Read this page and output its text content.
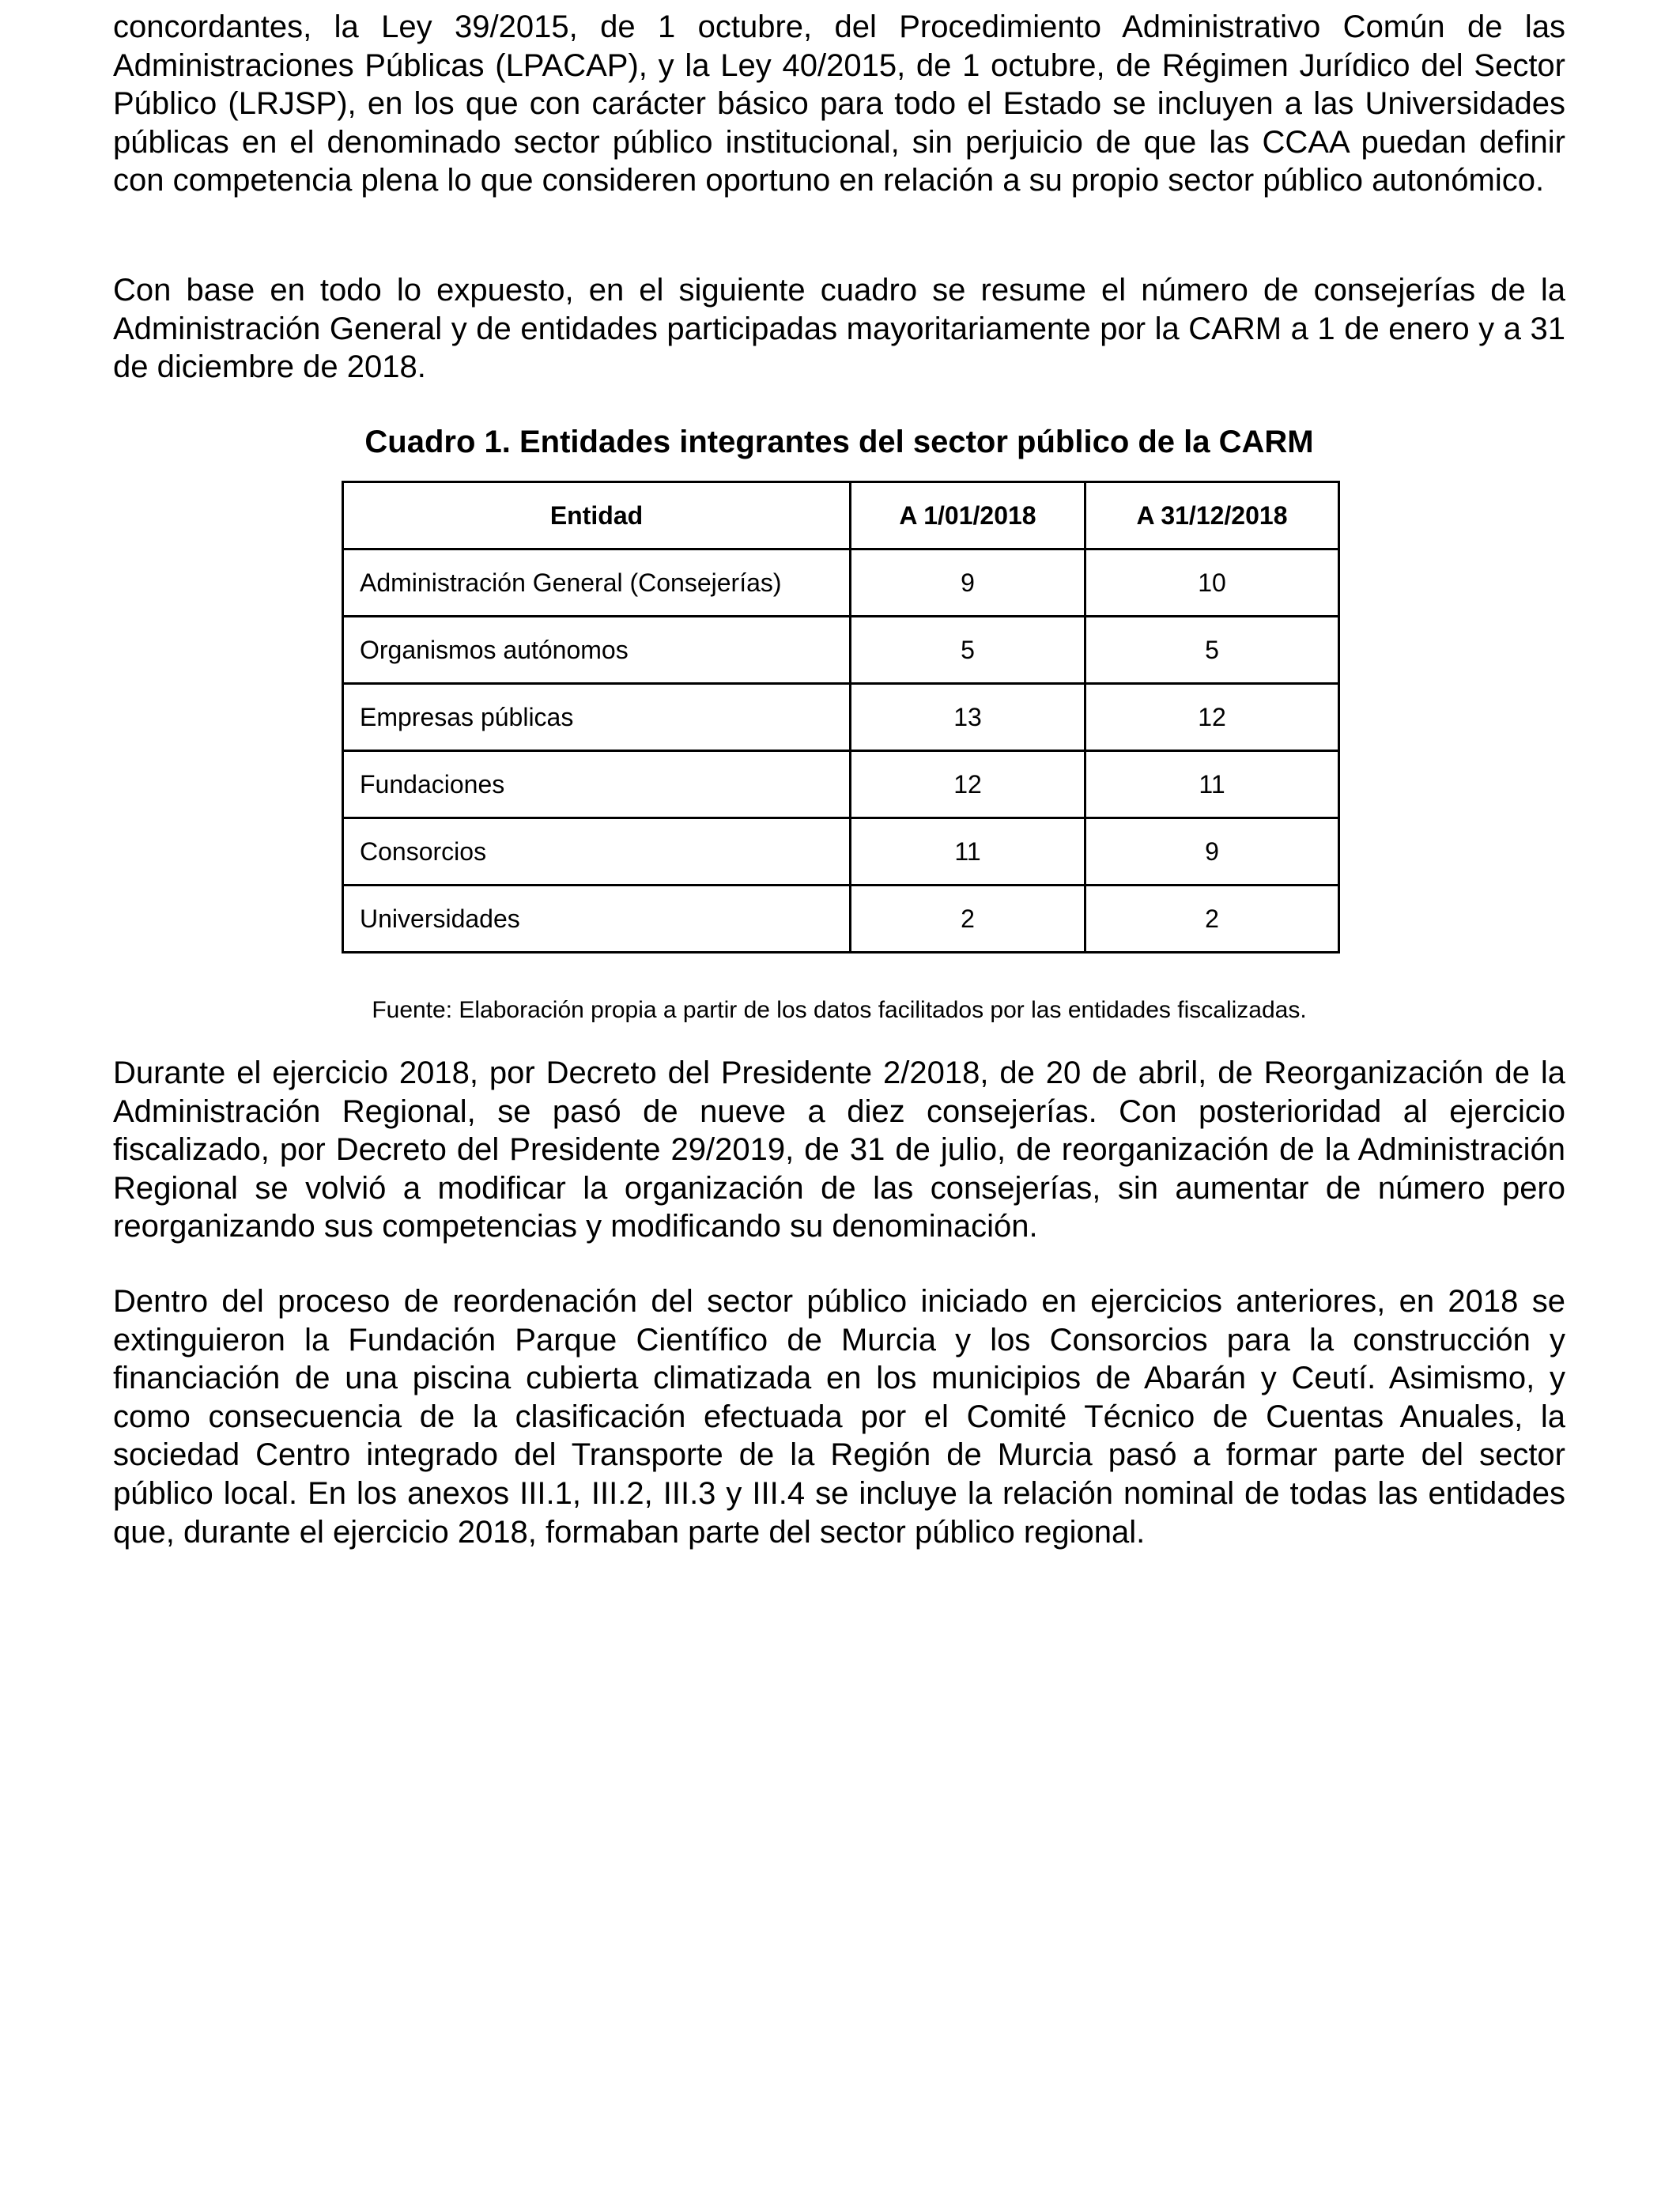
concordantes, la Ley 39/2015, de 1 octubre, del Procedimiento Administrativo Común de las Administraciones Públicas (LPACAP), y la Ley 40/2015, de 1 octubre, de Régimen Jurídico del Sector Público (LRJSP), en los que con carácter básico para todo el Estado se incluyen a las Universidades públicas en el denominado sector público institucional, sin perjuicio de que las CCAA puedan definir con competencia plena lo que consideren oportuno en relación a su propio sector público autonómico.

Con base en todo lo expuesto, en el siguiente cuadro se resume el número de consejerías de la Administración General y de entidades participadas mayoritariamente por la CARM a 1 de enero y a 31 de diciembre de 2018.

Cuadro 1. Entidades integrantes del sector público de la CARM
Entidad	A 1/01/2018	A 31/12/2018
Administración General (Consejerías)	9	10
Organismos autónomos	5	5
Empresas públicas	13	12
Fundaciones	12	11
Consorcios	11	9
Universidades	2	2
Fuente: Elaboración propia a partir de los datos facilitados por las entidades fiscalizadas.

Durante el ejercicio 2018, por Decreto del Presidente 2/2018, de 20 de abril, de Reorganización de la Administración Regional, se pasó de nueve a diez consejerías. Con posterioridad al ejercicio fiscalizado, por Decreto del Presidente 29/2019, de 31 de julio, de reorganización de la Administración Regional se volvió a modificar la organización de las consejerías, sin aumentar de número pero reorganizando sus competencias y modificando su denominación.

Dentro del proceso de reordenación del sector público iniciado en ejercicios anteriores, en 2018 se extinguieron la Fundación Parque Científico de Murcia y los Consorcios para la construcción y financiación de una piscina cubierta climatizada en los municipios de Abarán y Ceutí. Asimismo, y como consecuencia de la clasificación efectuada por el Comité Técnico de Cuentas Anuales, la sociedad Centro integrado del Transporte de la Región de Murcia pasó a formar parte del sector público local. En los anexos III.1, III.2, III.3 y III.4 se incluye la relación nominal de todas las entidades que, durante el ejercicio 2018, formaban parte del sector público regional.
